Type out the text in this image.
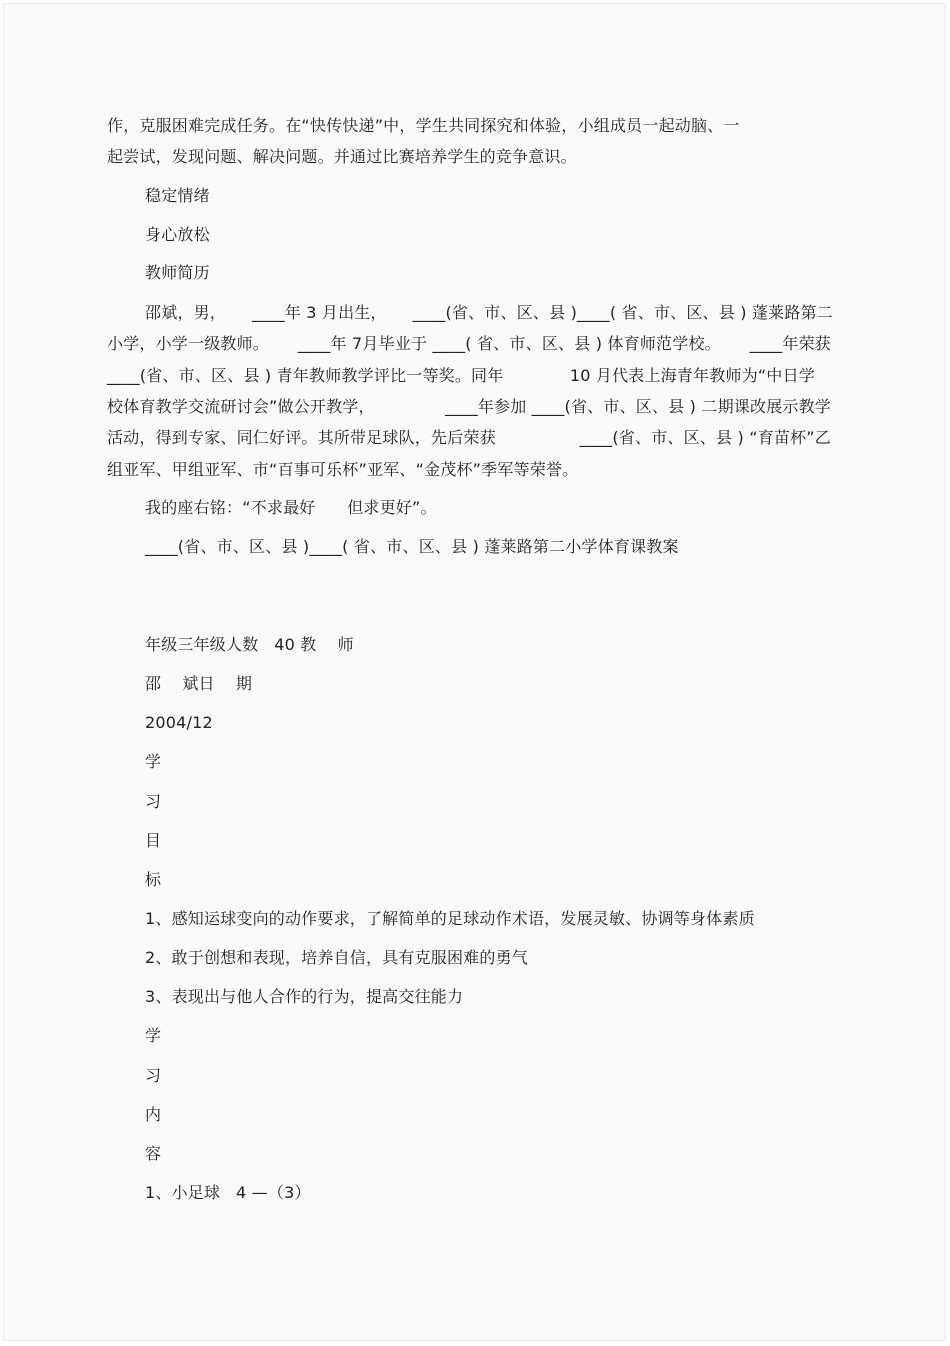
作，克服困难完成任务。在“快传快递”中，学生共同探究和体验，小组成员一起动脑、一
起尝试，发现问题、解决问题。并通过比赛培养学生的竞争意识。
稳定情绪
身心放松
教师简历
邵斌，男， ____年 3 月出生， ____(省、市、区、县 )____( 省、市、区、县 ) 蓬莱路第二
小学，小学一级教师。 ____年 7月毕业于 ____( 省、市、区、县 ) 体育师范学校。 ____年荣获
____(省、市、区、县 ) 青年教师教学评比一等奖。同年	10 月代表上海青年教师为“中日学
校体育教学交流研讨会”做公开教学，	____年参加 ____(省、市、区、县 ) 二期课改展示教学
活动，得到专家、同仁好评。其所带足球队，先后荣获	____(省、市、区、县 ) “育苗杯”乙
组亚军、甲组亚军、市“百事可乐杯”亚军、“金茂杯”季军等荣誉。
我的座右铭：“不求最好      但求更好”。
____(省、市、区、县 )____( 省、市、区、县 ) 蓬莱路第二小学体育课教案
年级三年级人数   40 教    师
邵    斌日    期
2004/12
学
习
目
标
1、感知运球变向的动作要求，了解简单的足球动作术语，发展灵敏、协调等身体素质
2、敢于创想和表现，培养自信，具有克服困难的勇气
3、表现出与他人合作的行为，提高交往能力
学
习
内
容
1、小足球   4 —（3）
